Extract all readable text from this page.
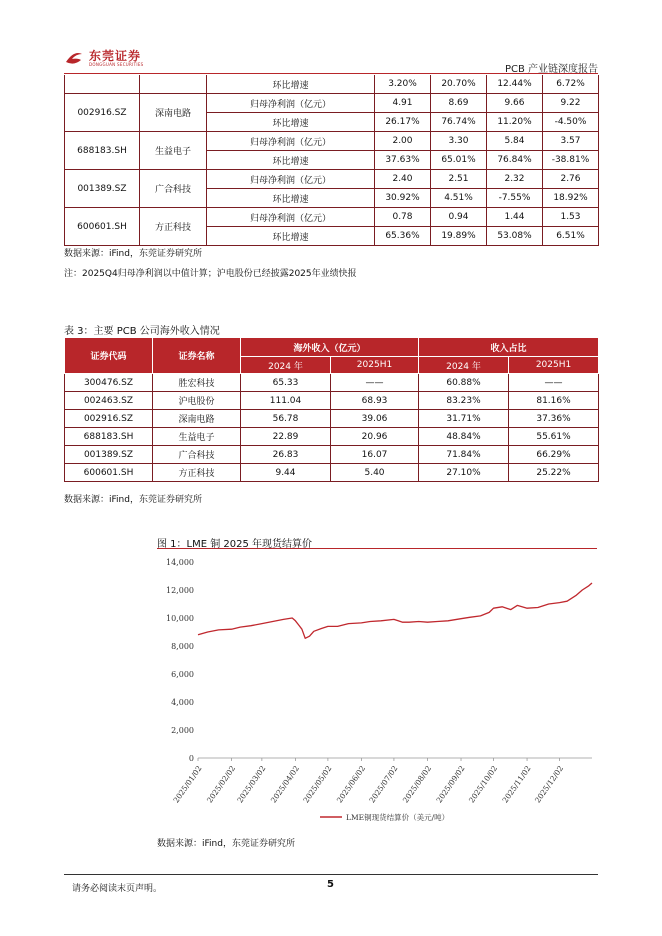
东莞证券
DONGGUAN SECURITIES	PCB 产业链深度报告
		环比增速	3.20%	20.70%	12.44%	6.72%
002916.SZ	深南电路	归母净利润（亿元）	4.91	8.69	9.66	9.22
		环比增速	26.17%	76.74%	11.20%	-4.50%
688183.SH	生益电子	归母净利润（亿元）	2.00	3.30	5.84	3.57
		环比增速	37.63%	65.01%	76.84%	-38.81%
001389.SZ	广合科技	归母净利润（亿元）	2.40	2.51	2.32	2.76
		环比增速	30.92%	4.51%	-7.55%	18.92%
600601.SH	方正科技	归母净利润（亿元）	0.78	0.94	1.44	1.53
		环比增速	65.36%	19.89%	53.08%	6.51%
数据来源：iFind，东莞证券研究所
注：2025Q4归母净利润以中值计算；沪电股份已经披露2025年业绩快报
表 3：主要 PCB 公司海外收入情况
证券代码	证券名称	海外收入（亿元）		收入占比	
		2024 年	2025H1	2024 年	2025H1
300476.SZ	胜宏科技	65.33	——	60.88%	——
002463.SZ	沪电股份	111.04	68.93	83.23%	81.16%
002916.SZ	深南电路	56.78	39.06	31.71%	37.36%
688183.SH	生益电子	22.89	20.96	48.84%	55.61%
001389.SZ	广合科技	26.83	16.07	71.84%	66.29%
600601.SH	方正科技	9.44	5.40	27.10%	25.22%
数据来源：iFind，东莞证券研究所
图 1：LME 铜 2025 年现货结算价
0
2,000
4,000
6,000
8,000
10,000
12,000
14,000
2025/01/02 2025/02/02
2025/03/02 2025/04/02 2025/05/02 2025/06/02 2025/07/02 2025/08/02 2025/09/02 2025/10/02 2025/11/02 2025/12/02
LME铜现货结算价（美元/吨）
数据来源：iFind，东莞证券研究所
请务必阅读末页声明。	5
